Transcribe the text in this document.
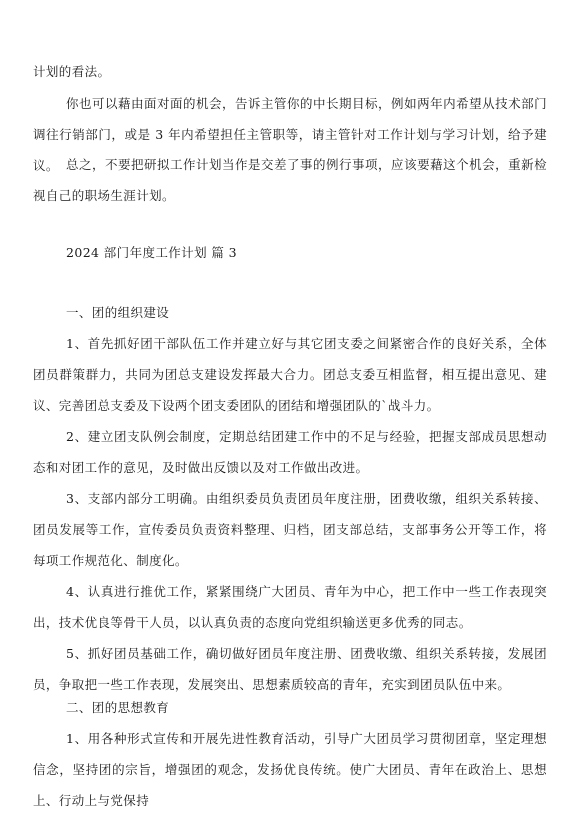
计划的看法。

你也可以藉由面对面的机会，告诉主管你的中长期目标，例如两年内希望从技术部门调往行销部门，或是 3 年内希望担任主管职等，请主管针对工作计划与学习计划，给予建议。 总之，不要把研拟工作计划当作是交差了事的例行事项，应该要藉这个机会，重新检视自己的职场生涯计划。

2024 部门年度工作计划 篇 3

一、团的组织建设

1、首先抓好团干部队伍工作并建立好与其它团支委之间紧密合作的良好关系，全体团员群策群力，共同为团总支建设发挥最大合力。团总支委互相监督，相互提出意见、建议、完善团总支委及下设两个团支委团队的团结和增强团队的`战斗力。

2、建立团支队例会制度，定期总结团建工作中的不足与经验，把握支部成员思想动态和对团工作的意见，及时做出反馈以及对工作做出改进。

3、支部内部分工明确。由组织委员负责团员年度注册，团费收缴，组织关系转接、团员发展等工作，宣传委员负责资料整理、归档，团支部总结，支部事务公开等工作，将每项工作规范化、制度化。

4、认真进行推优工作，紧紧围绕广大团员、青年为中心，把工作中一些工作表现突出，技术优良等骨干人员，以认真负责的态度向党组织输送更多优秀的同志。

5、抓好团员基础工作，确切做好团员年度注册、团费收缴、组织关系转接，发展团员，争取把一些工作表现，发展突出、思想素质较高的青年，充实到团员队伍中来。

二、团的思想教育

1、用各种形式宣传和开展先进性教育活动，引导广大团员学习贯彻团章，坚定理想信念，坚持团的宗旨，增强团的观念，发扬优良传统。使广大团员、青年在政治上、思想上、行动上与党保持
